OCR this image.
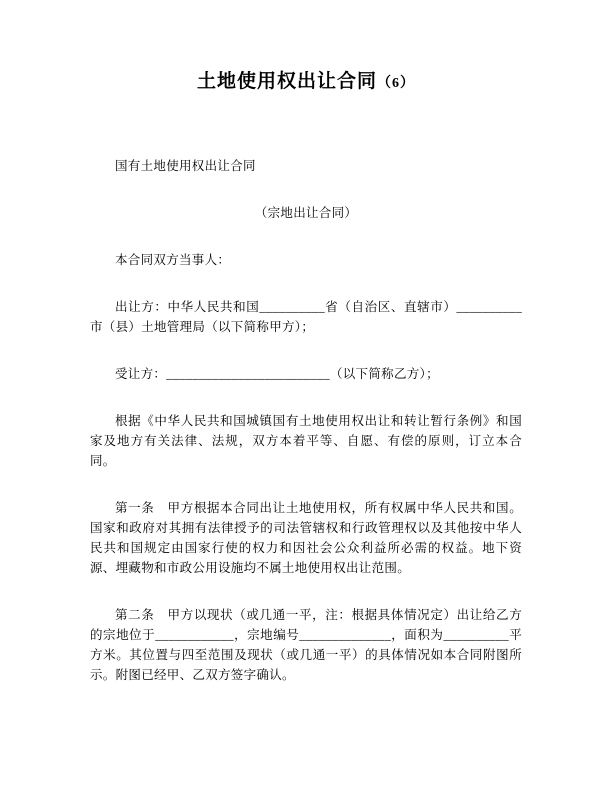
土地使用权出让合同（6）

国有土地使用权出让合同

（宗地出让合同）

本合同双方当事人：

出让方：中华人民共和国__________省（自治区、直辖市）__________市（县）土地管理局（以下简称甲方）；

受让方：_________________________（以下简称乙方）；

根据《中华人民共和国城镇国有土地使用权出让和转让暂行条例》和国家及地方有关法律、法规，双方本着平等、自愿、有偿的原则，订立本合同。

第一条　甲方根据本合同出让土地使用权，所有权属中华人民共和国。国家和政府对其拥有法律授予的司法管辖权和行政管理权以及其他按中华人民共和国规定由国家行使的权力和因社会公众利益所必需的权益。地下资源、埋藏物和市政公用设施均不属土地使用权出让范围。

第二条　甲方以现状（或几通一平，注：根据具体情况定）出让给乙方的宗地位于____________，宗地编号______________，面积为__________平方米。其位置与四至范围及现状（或几通一平）的具体情况如本合同附图所示。附图已经甲、乙双方签字确认。
